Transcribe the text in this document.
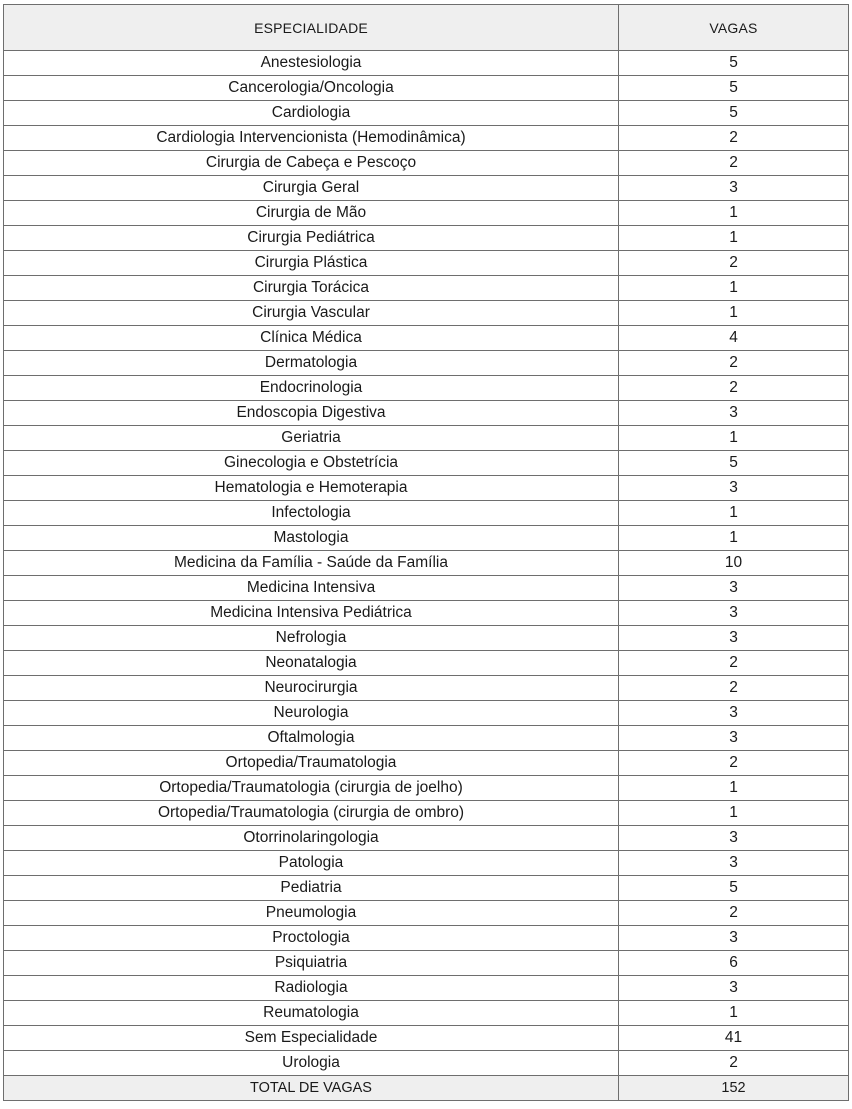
ESPECIALIDADE	VAGAS
Anestesiologia	5
Cancerologia/Oncologia	5
Cardiologia	5
Cardiologia Intervencionista (Hemodinâmica)	2
Cirurgia de Cabeça e Pescoço	2
Cirurgia Geral	3
Cirurgia de Mão	1
Cirurgia Pediátrica	1
Cirurgia Plástica	2
Cirurgia Torácica	1
Cirurgia Vascular	1
Clínica Médica	4
Dermatologia	2
Endocrinologia	2
Endoscopia Digestiva	3
Geriatria	1
Ginecologia e Obstetrícia	5
Hematologia e Hemoterapia	3
Infectologia	1
Mastologia	1
Medicina da Família - Saúde da Família	10
Medicina Intensiva	3
Medicina Intensiva Pediátrica	3
Nefrologia	3
Neonatalogia	2
Neurocirurgia	2
Neurologia	3
Oftalmologia	3
Ortopedia/Traumatologia	2
Ortopedia/Traumatologia (cirurgia de joelho)	1
Ortopedia/Traumatologia (cirurgia de ombro)	1
Otorrinolaringologia	3
Patologia	3
Pediatria	5
Pneumologia	2
Proctologia	3
Psiquiatria	6
Radiologia	3
Reumatologia	1
Sem Especialidade	41
Urologia	2
TOTAL DE VAGAS	152
